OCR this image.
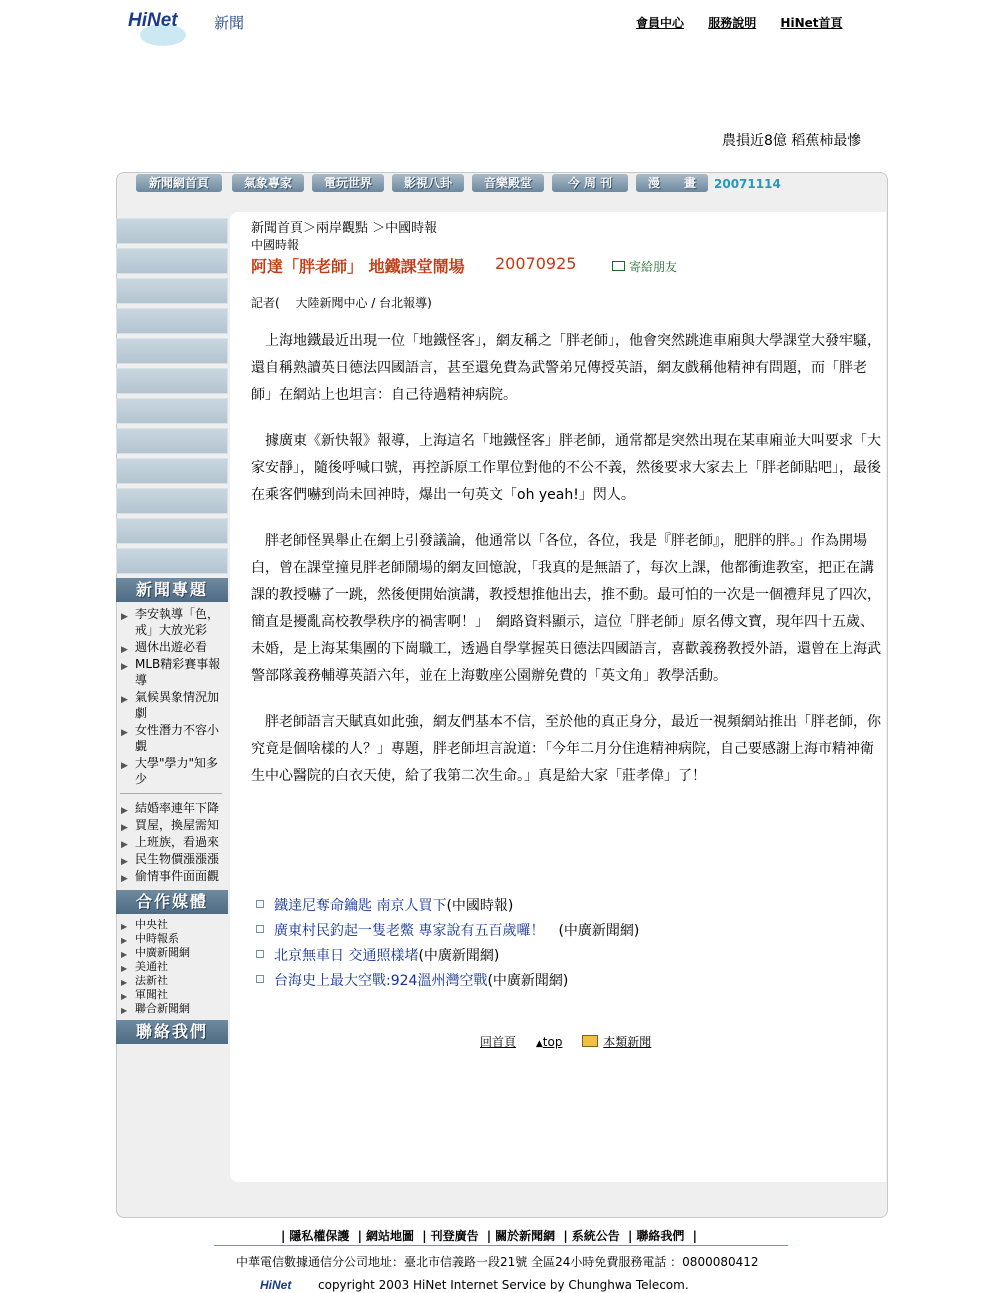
HiNet 新聞	會員中心 服務說明 HiNet首頁
農損近8億 稻蕉柿最慘
新聞網首頁	氣象專家	電玩世界	影視八卦	音樂殿堂	今 周 刊	漫　　畫	20071114
新聞專題
▶ 李安執導「色，戒」大放光彩
▶ 週休出遊必看
▶ MLB精彩賽事報導
▶ 氣候異象情況加劇
▶ 女性潛力不容小覷
▶ 大學"學力"知多少
▶ 結婚率連年下降
▶ 買屋，換屋需知
▶ 上班族，看過來
▶ 民生物價漲漲漲
▶ 偷情事件面面觀
合作媒體
▶ 中央社
▶ 中時報系
▶ 中廣新聞網
▶ 美通社
▶ 法新社
▶ 軍聞社
▶ 聯合新聞網
聯絡我們
新聞首頁＞兩岸觀點 ＞中國時報
中國時報
阿達「胖老師」 地鐵課堂鬧場 20070925	寄給朋友
記者(　 大陸新聞中心 / 台北報導)

上海地鐵最近出現一位「地鐵怪客」，網友稱之「胖老師」，他會突然跳進車廂與大學課堂大發牢騷，還自稱熟讀英日德法四國語言，甚至還免費為武警弟兄傳授英語，網友戲稱他精神有問題，而「胖老師」在網站上也坦言：自己待過精神病院。

據廣東《新快報》報導，上海這名「地鐵怪客」胖老師，通常都是突然出現在某車廂並大叫要求「大家安靜」，隨後呼喊口號，再控訴原工作單位對他的不公不義，然後要求大家去上「胖老師貼吧」，最後在乘客們嚇到尚未回神時，爆出一句英文「oh yeah!」閃人。

胖老師怪異舉止在網上引發議論，他通常以「各位，各位，我是『胖老師』，肥胖的胖。」作為開場白，曾在課堂撞見胖老師鬧場的網友回憶說，「我真的是無語了，每次上課，他都衝進教室，把正在講課的教授嚇了一跳，然後便開始演講，教授想推他出去，推不動。最可怕的一次是一個禮拜見了四次，簡直是擾亂高校教學秩序的禍害啊！」　網路資料顯示，這位「胖老師」原名傅文寶，現年四十五歲、未婚，是上海某集團的下崗職工，透過自學掌握英日德法四國語言，喜歡義務教授外語，還曾在上海武警部隊義務輔導英語六年，並在上海數座公園辦免費的「英文角」教學活動。

胖老師語言天賦真如此強，網友們基本不信，至於他的真正身分，最近一視頻網站推出「胖老師，你究竟是個啥樣的人？」專題，胖老師坦言說道：「今年二月分住進精神病院，自己要感謝上海市精神衛生中心醫院的白衣天使，給了我第二次生命。」真是給大家「莊孝偉」了！

鐵達尼奪命鑰匙 南京人買下(中國時報)
廣東村民釣起一隻老鱉 專家說有五百歲囉！　(中廣新聞網)
北京無車日 交通照樣堵(中廣新聞網)
台海史上最大空戰:924溫州灣空戰(中廣新聞網)
回首頁 ▲top	本類新聞
| 隱私權保護 | 網站地圖 | 刊登廣告 | 關於新聞網 | 系統公告 | 聯絡我們 |
中華電信數據通信分公司地址：臺北市信義路一段21號 全區24小時免費服務電話 ：0800080412
HiNet copyright 2003 HiNet Internet Service by Chunghwa Telecom.
